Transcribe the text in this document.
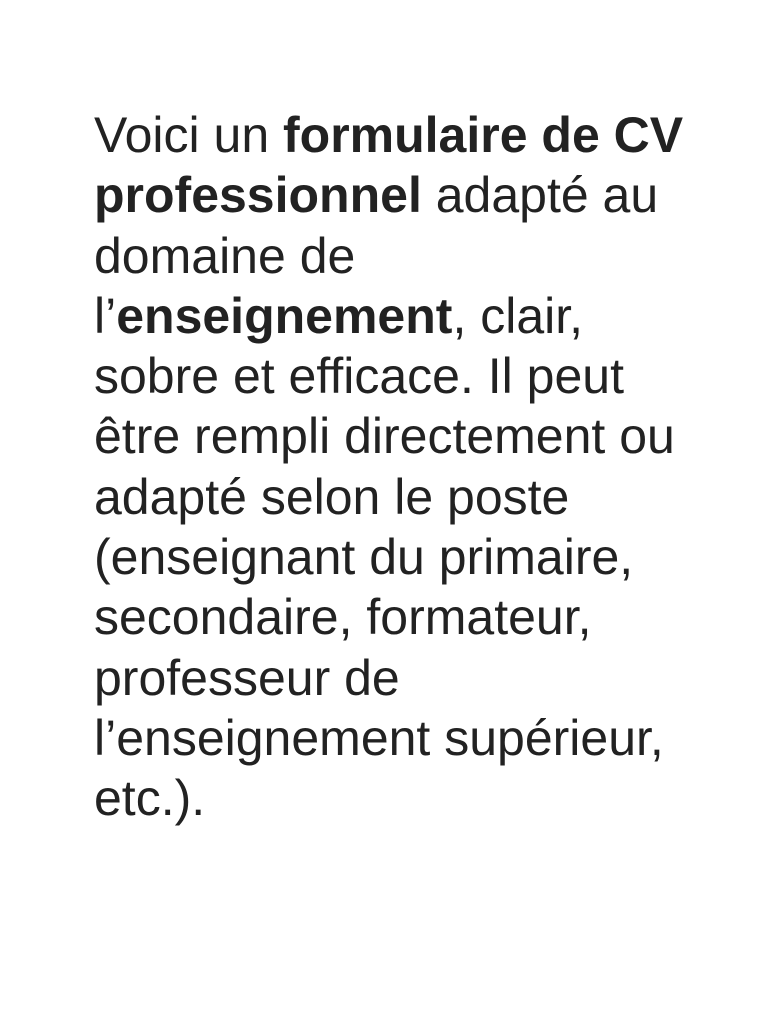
Voici un formulaire de CV professionnel adapté au domaine de l’enseignement, clair, sobre et efficace. Il peut être rempli directement ou adapté selon le poste (enseignant du primaire, secondaire, formateur, professeur de l’enseignement supérieur, etc.).
